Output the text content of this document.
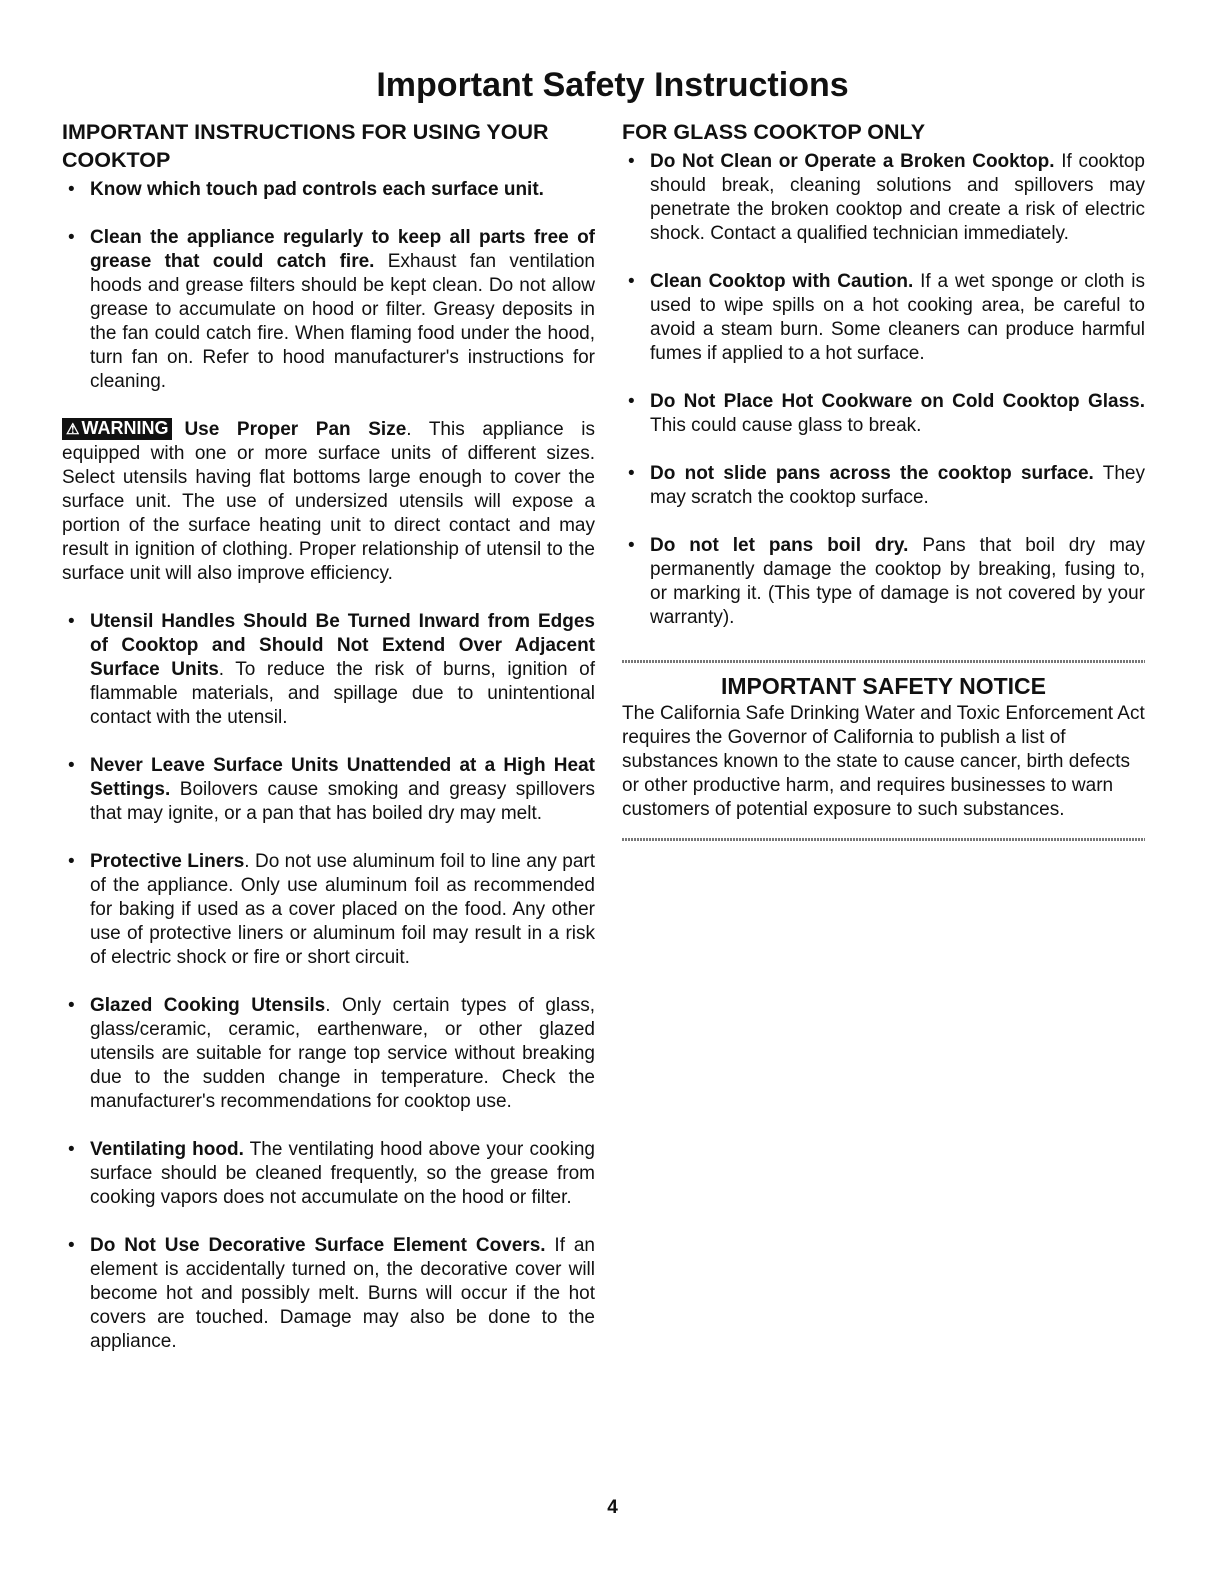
Important Safety Instructions
IMPORTANT INSTRUCTIONS FOR USING YOUR COOKTOP
• Know which touch pad controls each surface unit.
• Clean the appliance regularly to keep all parts free of grease that could catch fire. Exhaust fan ventilation hoods and grease filters should be kept clean. Do not allow grease to accumulate on hood or filter. Greasy deposits in the fan could catch fire. When flaming food under the hood, turn fan on. Refer to hood manufacturer's instructions for cleaning.

⚠ WARNING Use Proper Pan Size. This appliance is equipped with one or more surface units of different sizes. Select utensils having flat bottoms large enough to cover the surface unit. The use of undersized utensils will expose a portion of the surface heating unit to direct contact and may result in ignition of clothing. Proper relationship of utensil to the surface unit will also improve efficiency.

• Utensil Handles Should Be Turned Inward from Edges of Cooktop and Should Not Extend Over Adjacent Surface Units. To reduce the risk of burns, ignition of flammable materials, and spillage due to unintentional contact with the utensil.
• Never Leave Surface Units Unattended at a High Heat Settings. Boilovers cause smoking and greasy spillovers that may ignite, or a pan that has boiled dry may melt.
• Protective Liners. Do not use aluminum foil to line any part of the appliance. Only use aluminum foil as recommended for baking if used as a cover placed on the food. Any other use of protective liners or aluminum foil may result in a risk of electric shock or fire or short circuit.
• Glazed Cooking Utensils. Only certain types of glass, glass/ceramic, ceramic, earthenware, or other glazed utensils are suitable for range top service without breaking due to the sudden change in temperature. Check the manufacturer's recommendations for cooktop use.
• Ventilating hood. The ventilating hood above your cooking surface should be cleaned frequently, so the grease from cooking vapors does not accumulate on the hood or filter.
• Do Not Use Decorative Surface Element Covers. If an element is accidentally turned on, the decorative cover will become hot and possibly melt. Burns will occur if the hot covers are touched. Damage may also be done to the appliance.
FOR GLASS COOKTOP ONLY
• Do Not Clean or Operate a Broken Cooktop. If cooktop should break, cleaning solutions and spillovers may penetrate the broken cooktop and create a risk of electric shock. Contact a qualified technician immediately.
• Clean Cooktop with Caution. If a wet sponge or cloth is used to wipe spills on a hot cooking area, be careful to avoid a steam burn. Some cleaners can produce harmful fumes if applied to a hot surface.
• Do Not Place Hot Cookware on Cold Cooktop Glass. This could cause glass to break.
• Do not slide pans across the cooktop surface. They may scratch the cooktop surface.
• Do not let pans boil dry. Pans that boil dry may permanently damage the cooktop by breaking, fusing to, or marking it. (This type of damage is not covered by your warranty).
IMPORTANT SAFETY NOTICE

The California Safe Drinking Water and Toxic Enforcement Act requires the Governor of California to publish a list of substances known to the state to cause cancer, birth defects or other productive harm, and requires businesses to warn customers of potential exposure to such substances.

4
